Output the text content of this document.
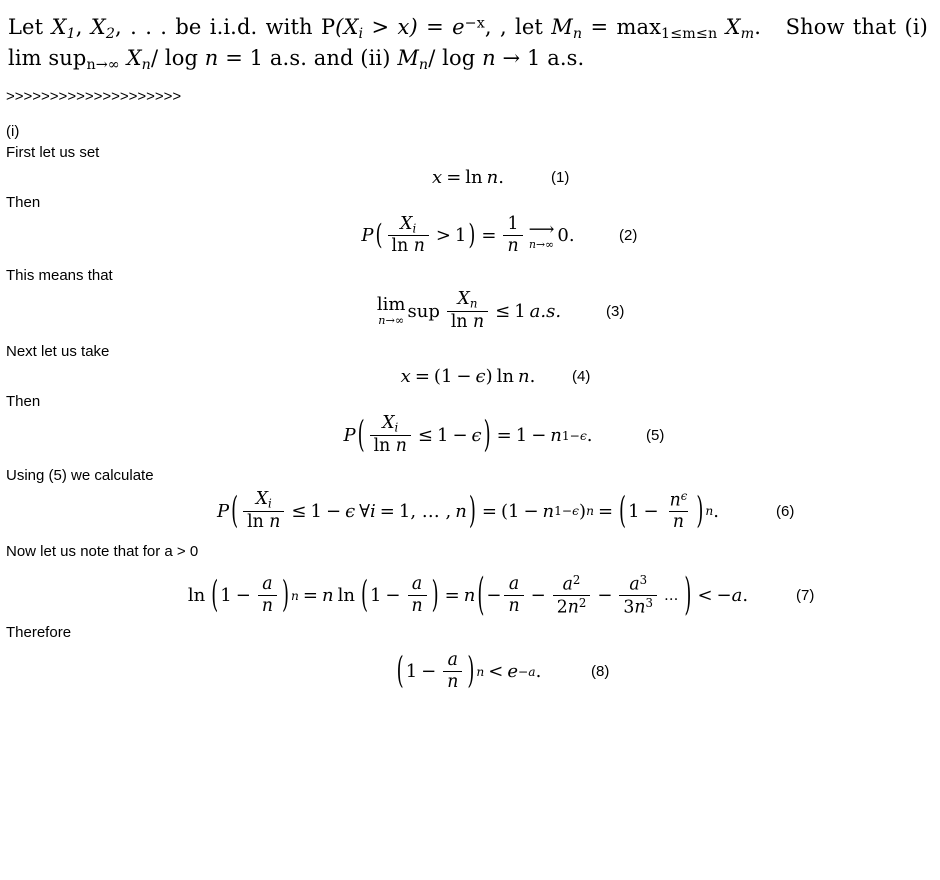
Let X1, X2, . . . be i.i.d. with $P(X_i > x) = e^{-x}$, , let $M_n = \max 1\le m\le n$ $X_m$. Show that (i) lim supn→∞ $X_n/$ log n = 1 a.s. and (ii) $M_n/$ log n → 1 a.s.
>>>>>>>>>>>>>>>>>>>>
(i)
First let us set
x = ln n .	(1)
Then
P ( $\frac{X_i}{\text{ln n}} > 1$ ) = $\frac{1}{n}$ ⟶
n→∞ 0.	(2)
This means that
lim
n→∞ sup $\frac{X_n}{\text{ln n}} \le 1$ a.s.	(3)
Next let us take
x = (1 − ϵ ) ln n . (4)
Then
P ( $\frac{X_i}{\text{ln n}} \le 1 - \epsilon$ ) = 1 − n 1−ϵ .	(5)
Using (5) we calculate
P ( $\frac{X_i}{\text{ln n}} \le 1 - \epsilon$ ∀ i = 1, … , n ) = (1 − n 1−ϵ ) n = ( $1 - \frac{n^\epsilon}{n}$ ) n .	(6)
Now let us note that for a > 0
ln ( $1 - \frac{a}{n}$ ) n = n ln ( $1 - \frac{a}{n}$ ) = n ( − $\frac{a}{n} - \frac{a^2}{2n^2} - \frac{a^3}{3n^3}$ … ) < − a .	(7)
Therefore
( $1 - \frac{a}{n}$ ) n < e −a .	(8)
